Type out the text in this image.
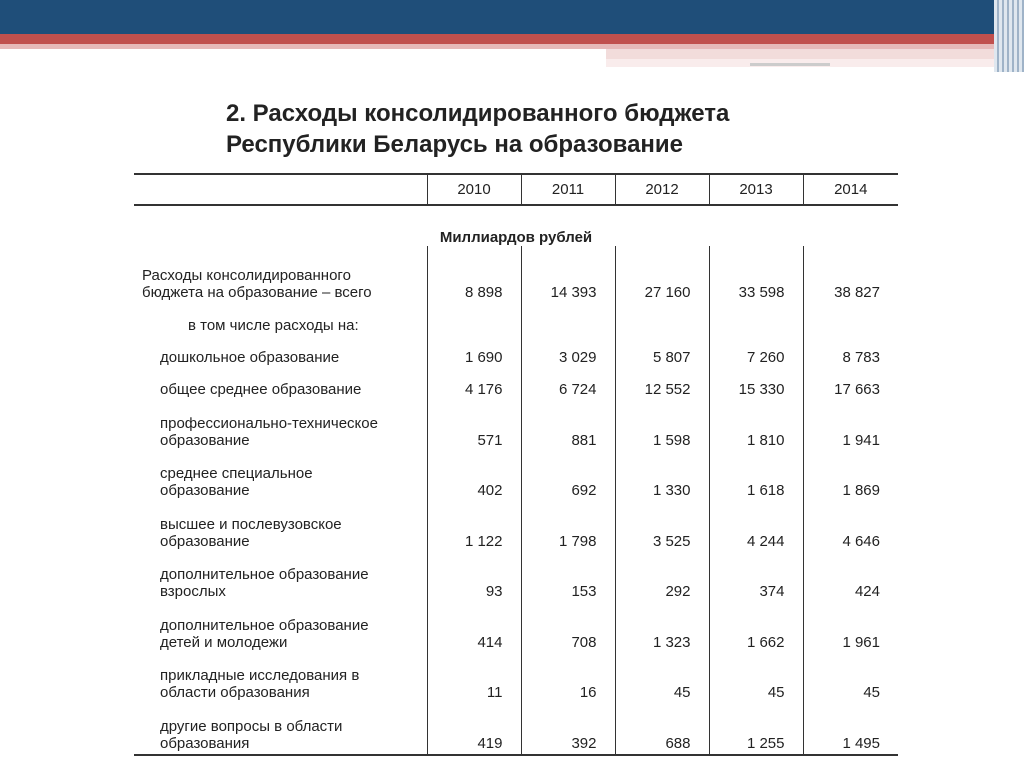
2. Расходы консолидированного бюджета
Республики Беларусь на образование
	2010	2011	2012	2013	2014
Миллиардов рублей					

Расходы консолидированного
бюджета на образование – всего	8 898	14 393	27 160	33 598	38 827
в том числе расходы на:					

дошкольное образование	1 690	3 029	5 807	7 260	8 783

общее среднее образование	4 176	6 724	12 552	15 330	17 663

профессионально-техническое
образование	571	881	1 598	1 810	1 941

среднее специальное
образование	402	692	1 330	1 618	1 869

высшее и послевузовское
образование	1 122	1 798	3 525	4 244	4 646

дополнительное образование
взрослых	93	153	292	374	424

дополнительное образование
детей и молодежи	414	708	1 323	1 662	1 961

прикладные исследования в
области образования	11	16	45	45	45

другие вопросы в области
образования	419	392	688	1 255	1 495
